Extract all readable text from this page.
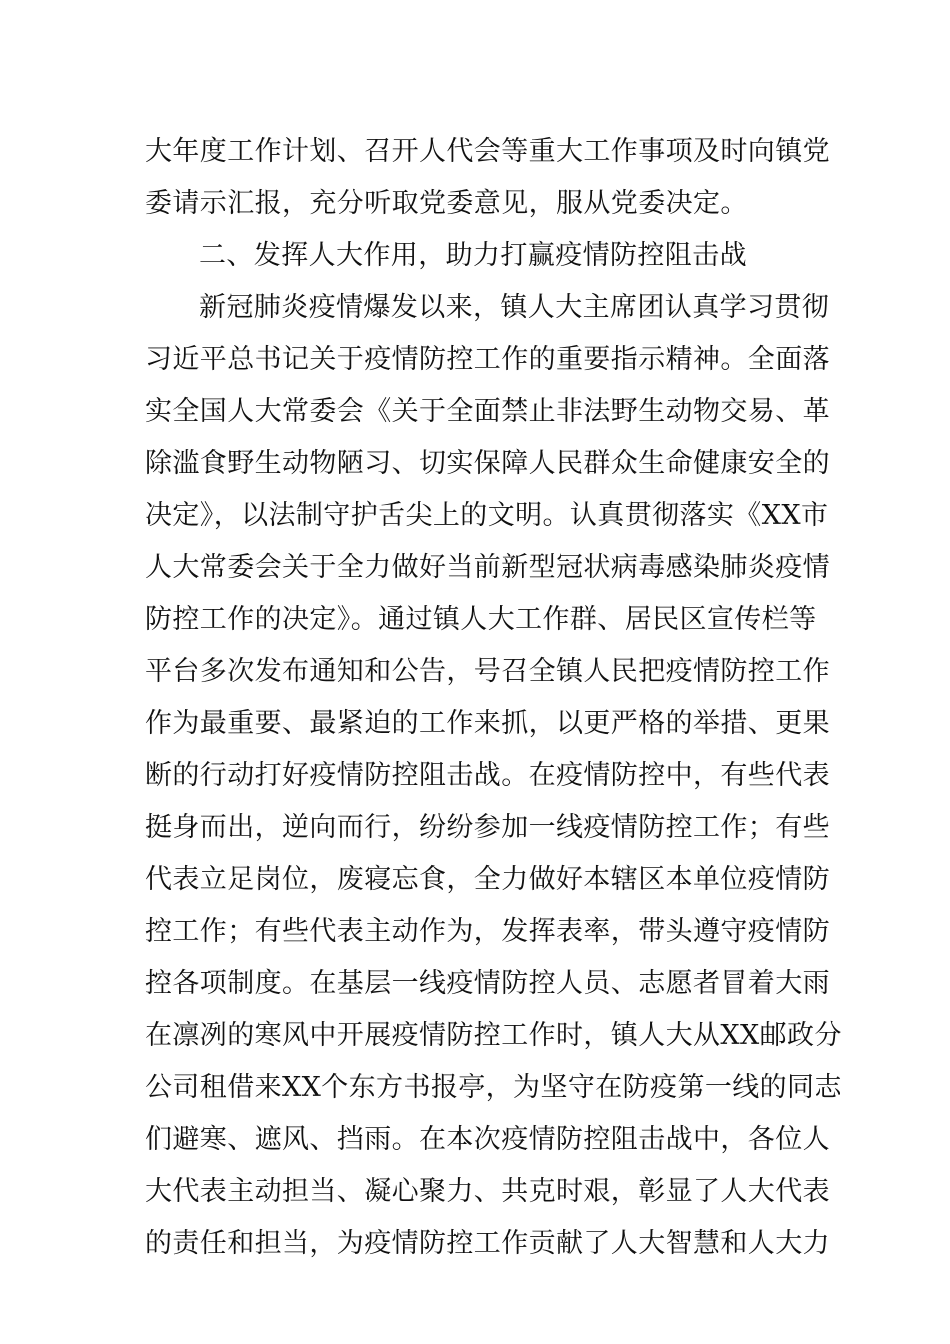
大年度工作计划、召开人代会等重大工作事项及时向镇党
委请示汇报，充分听取党委意见，服从党委决定。
二、发挥人大作用，助力打赢疫情防控阻击战
新冠肺炎疫情爆发以来，镇人大主席团认真学习贯彻
习近平总书记关于疫情防控工作的重要指示精神。全面落
实全国人大常委会《关于全面禁止非法野生动物交易、革
除滥食野生动物陋习、切实保障人民群众生命健康安全的
决定》，以法制守护舌尖上的文明。认真贯彻落实《XX市
人大常委会关于全力做好当前新型冠状病毒感染肺炎疫情
防控工作的决定》。通过镇人大工作群、居民区宣传栏等
平台多次发布通知和公告，号召全镇人民把疫情防控工作
作为最重要、最紧迫的工作来抓，以更严格的举措、更果
断的行动打好疫情防控阻击战。在疫情防控中，有些代表
挺身而出，逆向而行，纷纷参加一线疫情防控工作；有些
代表立足岗位，废寝忘食，全力做好本辖区本单位疫情防
控工作；有些代表主动作为，发挥表率，带头遵守疫情防
控各项制度。在基层一线疫情防控人员、志愿者冒着大雨
在凛冽的寒风中开展疫情防控工作时，镇人大从XX邮政分
公司租借来XX个东方书报亭，为坚守在防疫第一线的同志
们避寒、遮风、挡雨。在本次疫情防控阻击战中，各位人
大代表主动担当、凝心聚力、共克时艰，彰显了人大代表
的责任和担当，为疫情防控工作贡献了人大智慧和人大力
